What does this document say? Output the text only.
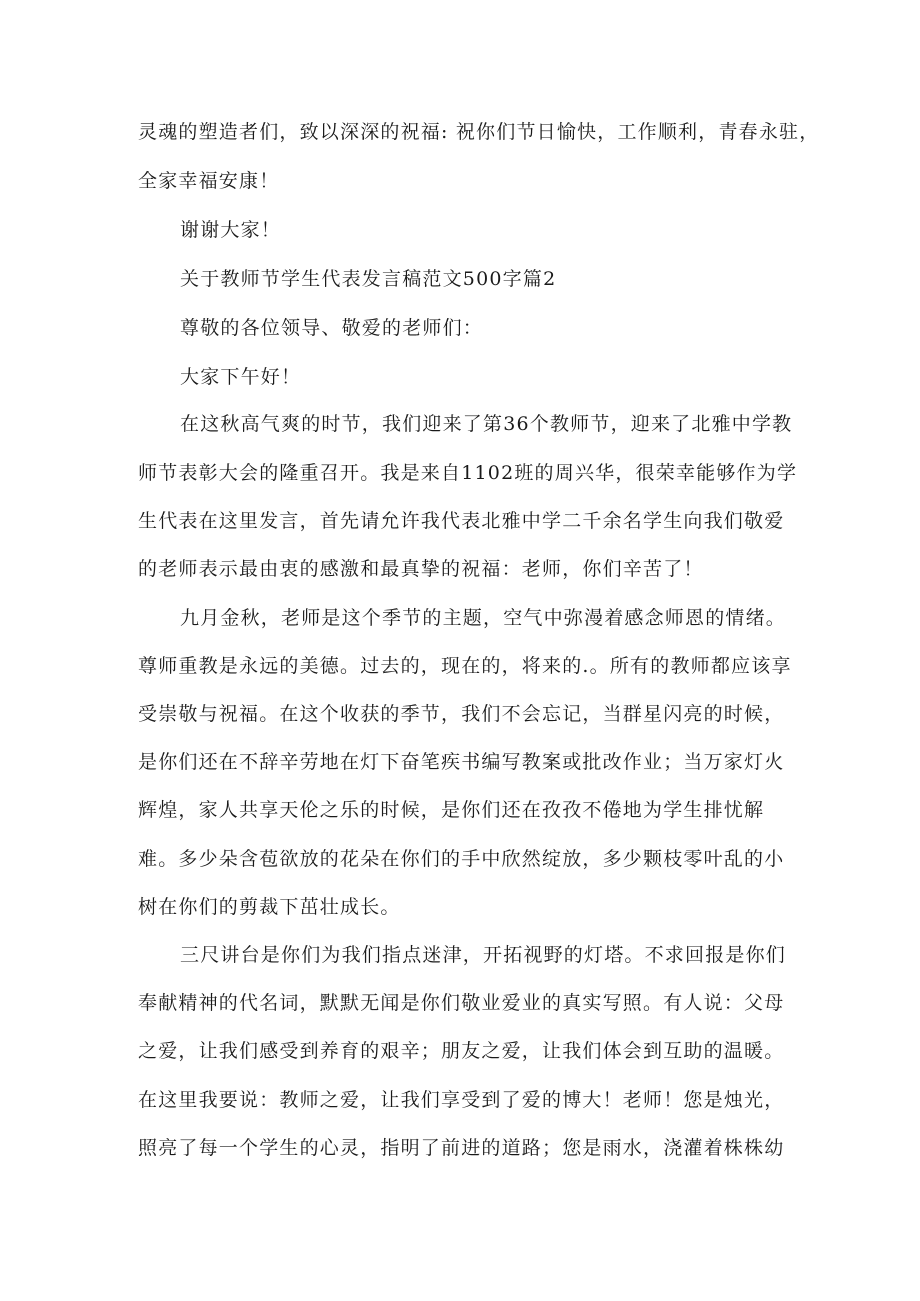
灵魂的塑造者们，致以深深的祝福: 祝你们节日愉快，工作顺利，青春永驻，
全家幸福安康！
谢谢大家！
关于教师节学生代表发言稿范文500字篇2
尊敬的各位领导、敬爱的老师们：
大家下午好！
在这秋高气爽的时节，我们迎来了第36个教师节，迎来了北雅中学教
师节表彰大会的隆重召开。我是来自1102班的周兴华，很荣幸能够作为学
生代表在这里发言，首先请允许我代表北雅中学二千余名学生向我们敬爱
的老师表示最由衷的感激和最真挚的祝福：老师，你们辛苦了！
九月金秋，老师是这个季节的主题，空气中弥漫着感念师恩的情绪。
尊师重教是永远的美德。过去的，现在的，将来的.。所有的教师都应该享
受崇敬与祝福。在这个收获的季节，我们不会忘记，当群星闪亮的时候，
是你们还在不辞辛劳地在灯下奋笔疾书编写教案或批改作业；当万家灯火
辉煌，家人共享天伦之乐的时候，是你们还在孜孜不倦地为学生排忧解
难。多少朵含苞欲放的花朵在你们的手中欣然绽放，多少颗枝零叶乱的小
树在你们的剪裁下茁壮成长。
三尺讲台是你们为我们指点迷津，开拓视野的灯塔。不求回报是你们
奉献精神的代名词，默默无闻是你们敬业爱业的真实写照。有人说：父母
之爱，让我们感受到养育的艰辛；朋友之爱，让我们体会到互助的温暖。
在这里我要说：教师之爱，让我们享受到了爱的博大！老师！您是烛光，
照亮了每一个学生的心灵，指明了前进的道路；您是雨水，浇灌着株株幼
